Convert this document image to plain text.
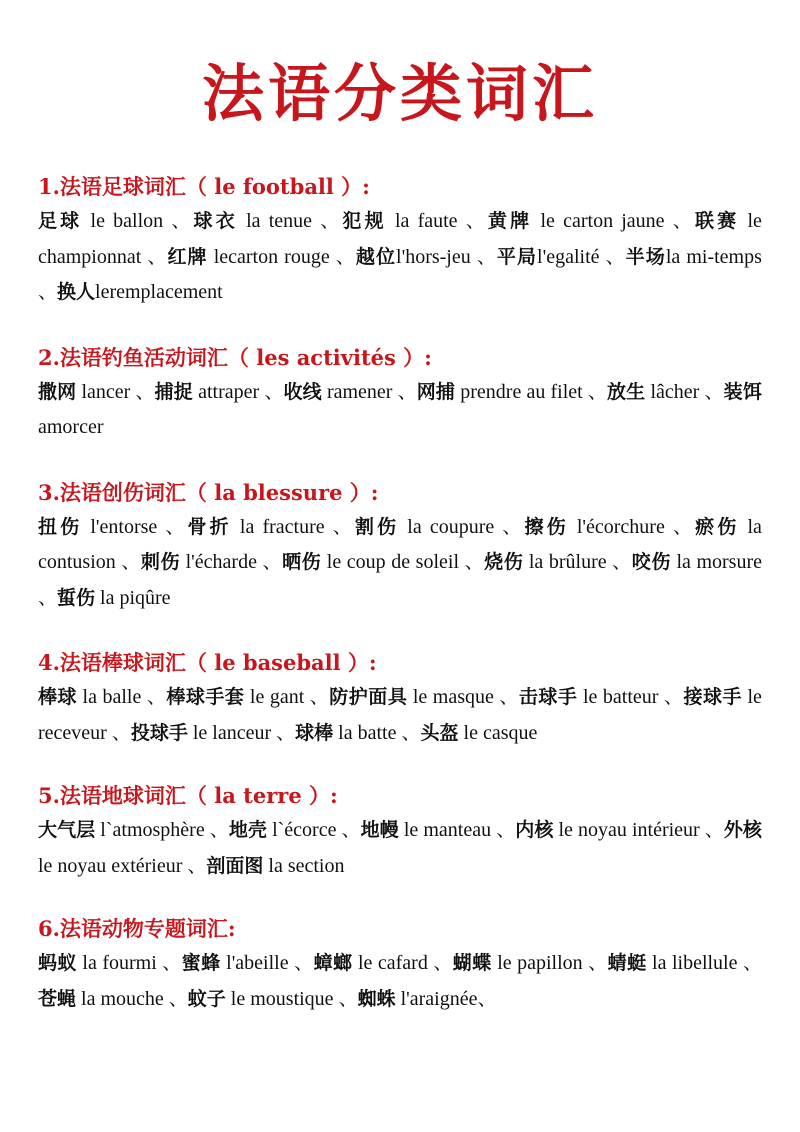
法语分类词汇
1.法语足球词汇（ le football ）:
足球 le ballon 、球衣 la tenue 、犯规 la faute 、黄牌 le carton jaune 、联赛 le championnat 、红牌 lecarton rouge 、越位l'hors-jeu 、平局l'egalité 、半场la mi-temps 、换人leremplacement
2.法语钓鱼活动词汇（ les activités ）:
撒网 lancer 、捕捉 attraper 、收线 ramener 、网捕 prendre au filet 、放生 lâcher 、装饵 amorcer
3.法语创伤词汇（ la blessure ）:
扭伤 l'entorse 、骨折 la fracture 、割伤 la coupure 、擦伤 l'écorchure 、瘀伤 la contusion 、刺伤 l'écharde 、晒伤 le coup de soleil 、烧伤 la brûlure 、咬伤 la morsure 、蜇伤 la piqûre
4.法语棒球词汇（ le baseball ）:
棒球 la balle 、棒球手套 le gant 、防护面具 le masque 、击球手 le batteur 、接球手 le receveur 、投球手 le lanceur 、球棒 la batte 、头盔 le casque
5.法语地球词汇（ la terre ）:
大气层 l`atmosphère 、地壳 l`écorce 、地幔 le manteau 、内核 le noyau intérieur 、外核 le noyau extérieur 、剖面图 la section
6.法语动物专题词汇:
蚂蚁 la fourmi 、蜜蜂 l'abeille 、蟑螂 le cafard 、蝴蝶 le papillon 、蜻蜓 la libellule 、苍蝇 la mouche 、蚊子 le moustique 、蜘蛛 l'araignée、
